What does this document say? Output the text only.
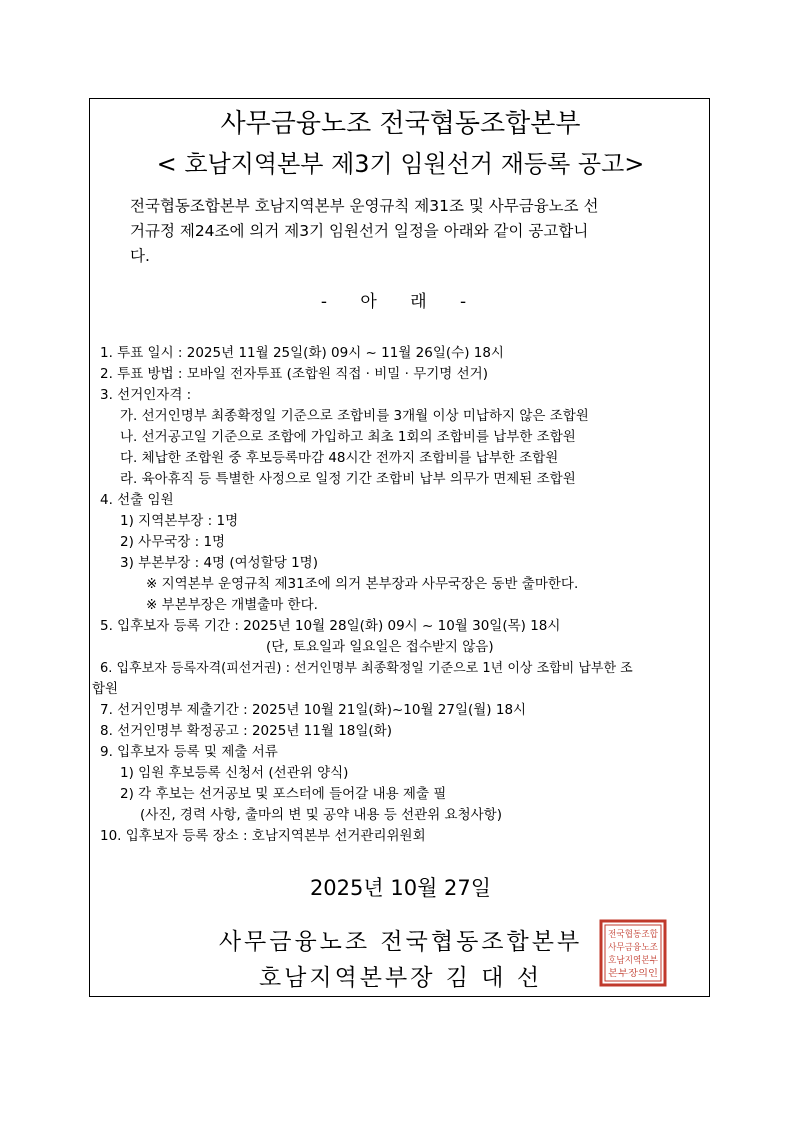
사무금융노조 전국협동조합본부
< 호남지역본부 제3기 임원선거 재등록 공고>
전국협동조합본부 호남지역본부 운영규칙 제31조 및 사무금융노조 선
거규정 제24조에 의거 제3기 임원선거 일정을 아래와 같이 공고합니
다.
- 아 래 -
1. 투표 일시 : 2025년 11월 25일(화) 09시 ~ 11월 26일(수) 18시
2. 투표 방법 : 모바일 전자투표 (조합원 직접 · 비밀 · 무기명 선거)
3. 선거인자격 :
가. 선거인명부 최종확정일 기준으로 조합비를 3개월 이상 미납하지 않은 조합원
나. 선거공고일 기준으로 조합에 가입하고 최초 1회의 조합비를 납부한 조합원
다. 체납한 조합원 중 후보등록마감 48시간 전까지 조합비를 납부한 조합원
라. 육아휴직 등 특별한 사정으로 일정 기간 조합비 납부 의무가 면제된 조합원
4. 선출 임원
1) 지역본부장 : 1명
2) 사무국장 : 1명
3) 부본부장 : 4명 (여성할당 1명)
※ 지역본부 운영규칙 제31조에 의거 본부장과 사무국장은 동반 출마한다.
※ 부본부장은 개별출마 한다.
5. 입후보자 등록 기간 : 2025년 10월 28일(화) 09시 ~ 10월 30일(목) 18시
(단, 토요일과 일요일은 접수받지 않음)
6. 입후보자 등록자격(피선거권) : 선거인명부 최종확정일 기준으로 1년 이상 조합비 납부한 조
합원
7. 선거인명부 제출기간 : 2025년 10월 21일(화)~10월 27일(월) 18시
8. 선거인명부 확정공고 : 2025년 11월 18일(화)
9. 입후보자 등록 및 제출 서류
1) 임원 후보등록 신청서 (선관위 양식)
2) 각 후보는 선거공보 및 포스터에 들어갈 내용 제출 필
(사진, 경력 사항, 출마의 변 및 공약 내용 등 선관위 요청사항)
10. 입후보자 등록 장소 : 호남지역본부 선거관리위원회
2025년 10월 27일
사무금융노조 전국협동조합본부
호남지역본부장 김 대 선
전국협동조합
사무금융노조
호남지역본부
본부장의인
